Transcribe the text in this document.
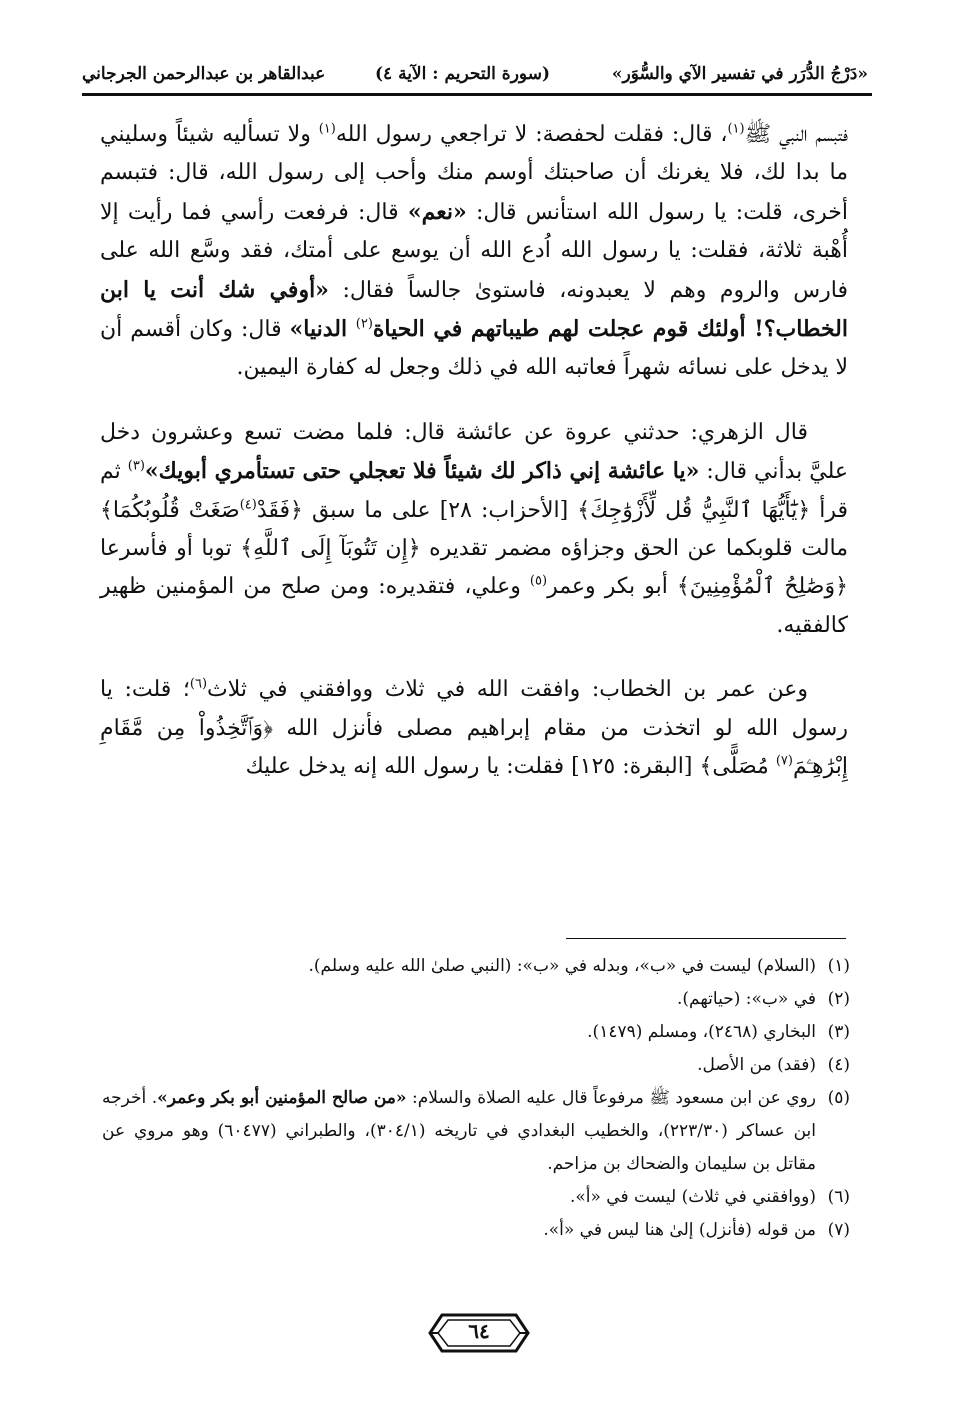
«دَرْجُ الدُّرَر في تفسير الآي والسُّوَر»
(سورة التحريم : الآية ٤)
عبدالقاهر بن عبدالرحمن الجرجاني

فتبسم النبي ﷺ$^{(١)}$، قال: فقلت لحفصة: لا تراجعي رسول الله$^{(١)}$ ولا تسأليه شيئاً وسليني ما بدا لك، فلا يغرنك أن صاحبتك أوسم منك وأحب إلى رسول الله، قال: فتبسم أخرى، قلت: يا رسول الله استأنس قال: «نعم» قال: فرفعت رأسي فما رأيت إلا أُهْبة ثلاثة، فقلت: يا رسول الله اُدع الله أن يوسع على أمتك، فقد وسَّع الله على فارس والروم وهم لا يعبدونه، فاستوىٰ جالساً فقال: «أوفي شك أنت يا ابن الخطاب؟! أولئك قوم عجلت لهم طيباتهم في الحياة$^{(٢)}$ الدنيا» قال: وكان أقسم أن لا يدخل على نسائه شهراً فعاتبه الله في ذلك وجعل له كفارة اليمين.

قال الزهري: حدثني عروة عن عائشة قال: فلما مضت تسع وعشرون دخل عليَّ بدأني قال: «يا عائشة إني ذاكر لك شيئاً فلا تعجلي حتى تستأمري أبويك»$^{(٣)}$ ثم قرأ ﴿يَٰٓأَيُّهَا ٱلنَّبِيُّ قُل لِّأَزْوَٰجِكَ﴾ [الأحزاب: ٢٨] على ما سبق ﴿فَقَدْ$^{(٤)}$صَغَتْ قُلُوبُكُمَا﴾ مالت قلوبكما عن الحق وجزاؤه مضمر تقديره ﴿إِن تَتُوبَآ إِلَى ٱللَّهِ﴾ توبا أو فأسرعا ﴿وَصَٰلِحُ ٱلْمُؤْمِنِينَ﴾ أبو بكر وعمر$^{(٥)}$ وعلي، فتقديره: ومن صلح من المؤمنين ظهير كالفقيه.

وعن عمر بن الخطاب: وافقت الله في ثلاث ووافقني في ثلاث$^{(٦)}$؛ قلت: يا رسول الله لو اتخذت من مقام إبراهيم مصلى فأنزل الله ﴿وَٱتَّخِذُواْ مِن مَّقَامِ إِبْرَٰهِـۧمَ$^{(٧)}$ مُصَلًّى﴾ [البقرة: ١٢٥] فقلت: يا رسول الله إنه يدخل عليك

(١)
(السلام) ليست في «ب»، وبدله في «ب»: (النبي صلىٰ الله عليه وسلم).
(٢)
في «ب»: (حياتهم).
(٣)
البخاري (٢٤٦٨)، ومسلم (١٤٧٩).
(٤)
(فقد) من الأصل.
(٥)
روي عن ابن مسعود ﷺ مرفوعاً قال عليه الصلاة والسلام: «من صالح المؤمنين أبو بكر وعمر». أخرجه ابن عساكر (٢٢٣/٣٠)، والخطيب البغدادي في تاريخه (٣٠٤/١)، والطبراني (٦٠٤٧٧) وهو مروي عن مقاتل بن سليمان والضحاك بن مزاحم.
(٦)
(ووافقني في ثلاث) ليست في «أ».
(٧)
من قوله (فأنزل) إلىٰ هنا ليس في «أ».
٦٤
